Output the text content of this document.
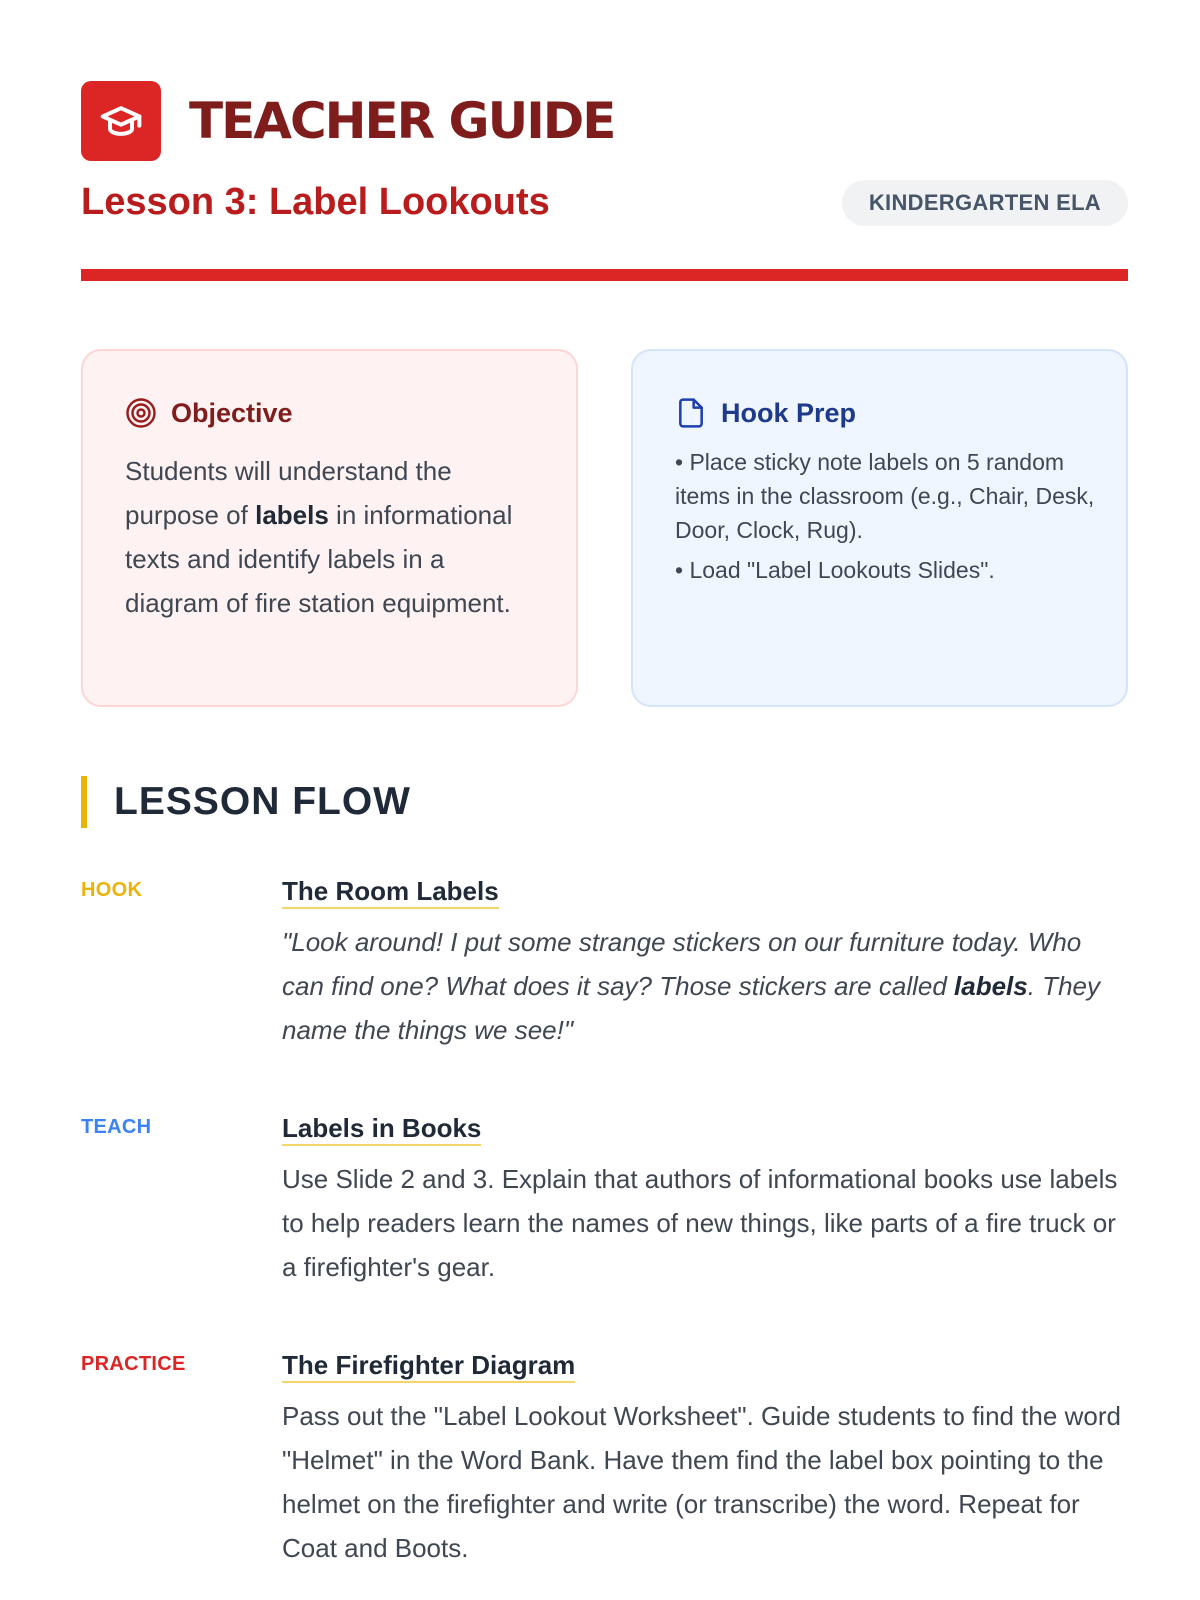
TEACHER GUIDE
Lesson 3: Label Lookouts	KINDERGARTEN ELA
Objective

Students will understand the purpose of labels in informational texts and identify labels in a diagram of fire station equipment.

Hook Prep
• Place sticky note labels on 5 random items in the classroom (e.g., Chair, Desk, Door, Clock, Rug).
• Load "Label Lookouts Slides".
LESSON FLOW
HOOK	The Room Labels

"Look around! I put some strange stickers on our furniture today. Who can find one? What does it say? Those stickers are called labels. They name the things we see!"

TEACH	Labels in Books

Use Slide 2 and 3. Explain that authors of informational books use labels to help readers learn the names of new things, like parts of a fire truck or a firefighter's gear.

PRACTICE	The Firefighter Diagram

Pass out the "Label Lookout Worksheet". Guide students to find the word "Helmet" in the Word Bank. Have them find the label box pointing to the helmet on the firefighter and write (or transcribe) the word. Repeat for Coat and Boots.
